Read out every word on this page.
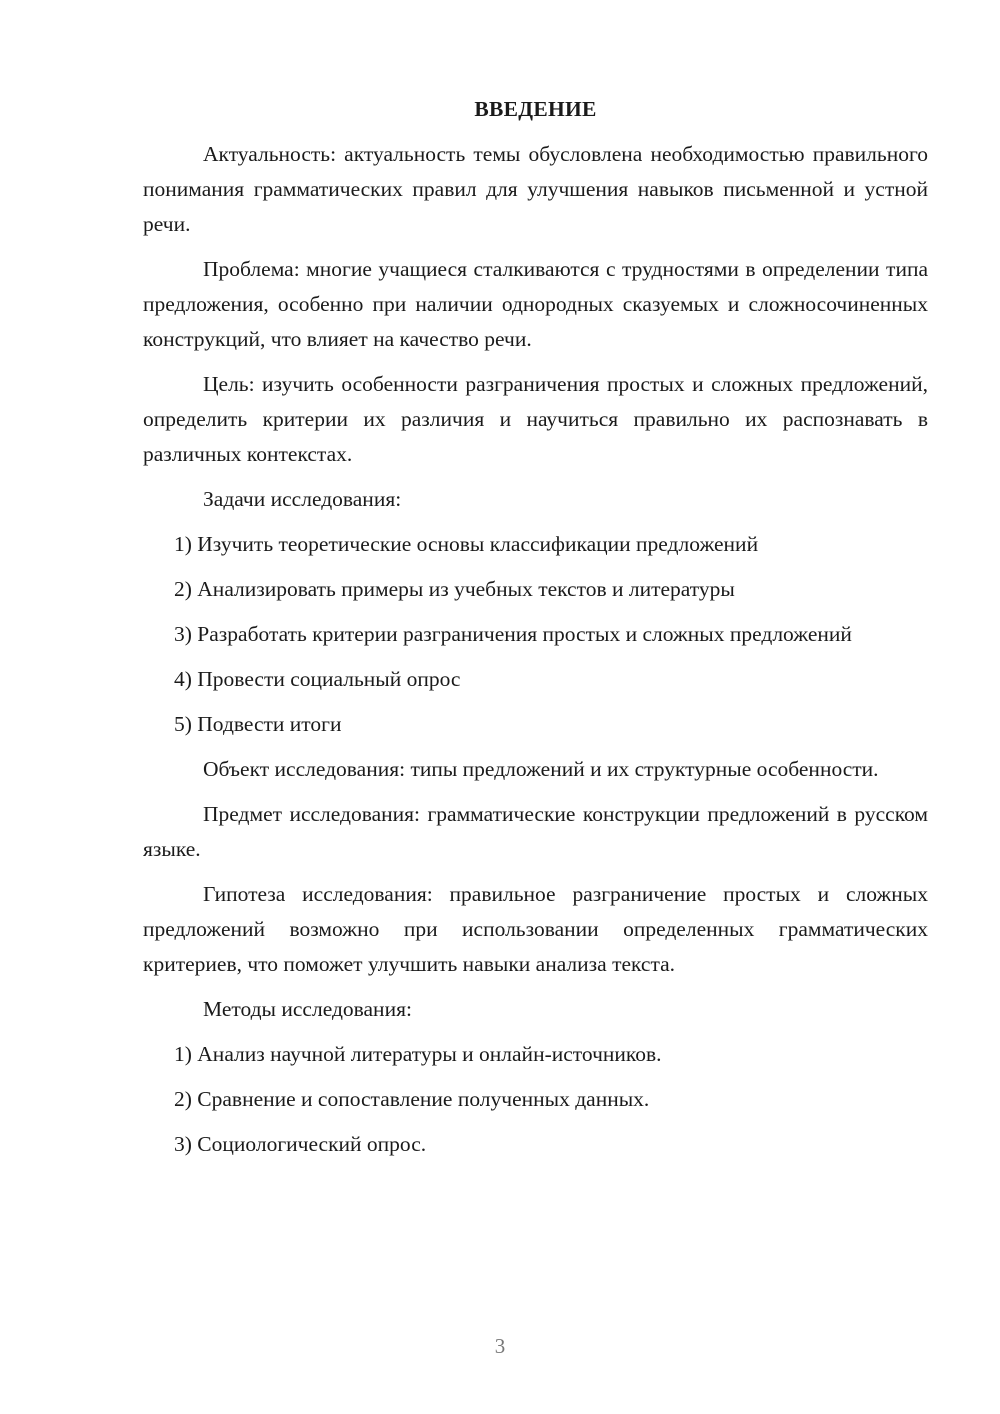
ВВЕДЕНИЕ

Актуальность: актуальность темы обусловлена необходимостью правильного понимания грамматических правил для улучшения навыков письменной и устной речи.

Проблема: многие учащиеся сталкиваются с трудностями в определении типа предложения, особенно при наличии однородных сказуемых и сложносочиненных конструкций, что влияет на качество речи.

Цель: изучить особенности разграничения простых и сложных предложений, определить критерии их различия и научиться правильно их распознавать в различных контекстах.

Задачи исследования:

1) Изучить теоретические основы классификации предложений

2) Анализировать примеры из учебных текстов и литературы

3) Разработать критерии разграничения простых и сложных предложений

4) Провести социальный опрос

5) Подвести итоги

Объект исследования: типы предложений и их структурные особенности.

Предмет исследования: грамматические конструкции предложений в русском языке.

Гипотеза исследования: правильное разграничение простых и сложных предложений возможно при использовании определенных грамматических критериев, что поможет улучшить навыки анализа текста.

Методы исследования:

1) Анализ научной литературы и онлайн-источников.

2) Сравнение и сопоставление полученных данных.

3) Социологический опрос.

3
